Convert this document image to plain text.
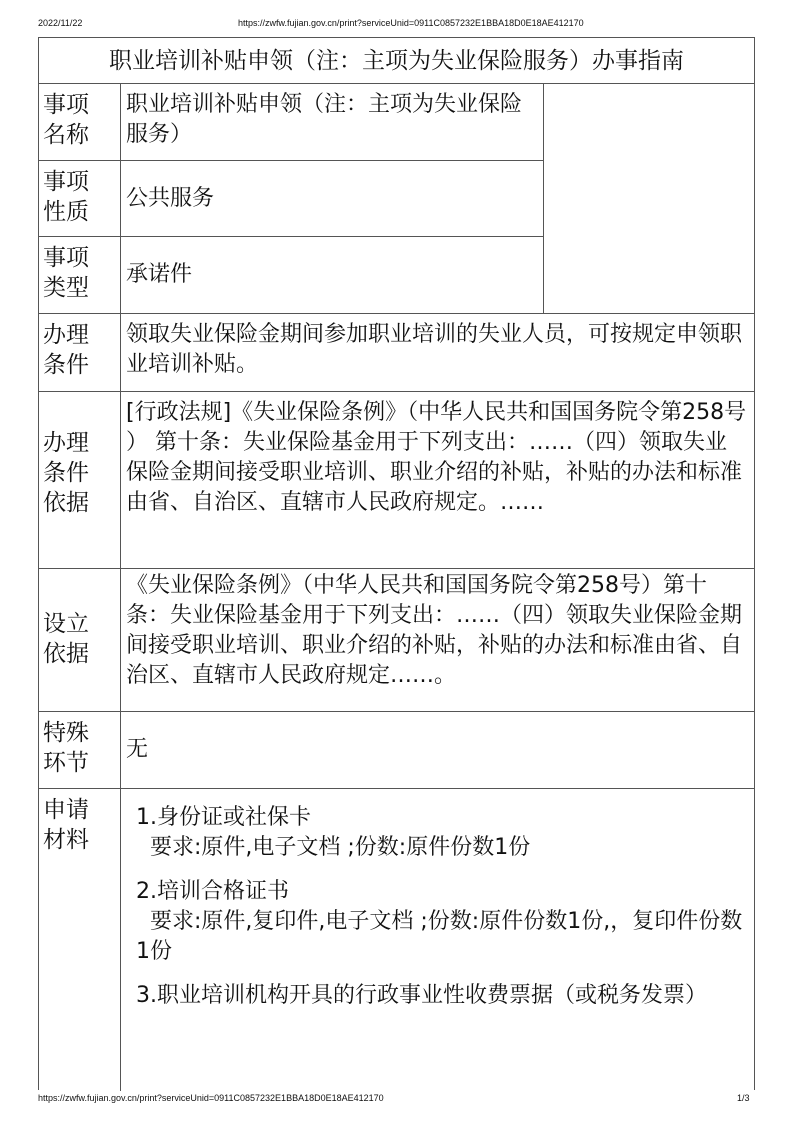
2022/11/22	https://zwfw.fujian.gov.cn/print?serviceUnid=0911C0857232E1BBA18D0E18AE412170
职业培训补贴申领（注：主项为失业保险服务）办事指南
事项名称
职业培训补贴申领（注：主项为失业保险服务）
事项性质
公共服务
事项类型
承诺件
办理条件
领取失业保险金期间参加职业培训的失业人员，可按规定申领职业培训补贴。
办理条件依据
[行政法规]《失业保险条例》（中华人民共和国国务院令第258号 ） 第十条：失业保险基金用于下列支出：……（四）领取失业保险金期间接受职业培训、职业介绍的补贴，补贴的办法和标准由省、自治区、直辖市人民政府规定。……
设立依据
《失业保险条例》（中华人民共和国国务院令第258号）第十条：失业保险基金用于下列支出：……（四）领取失业保险金期间接受职业培训、职业介绍的补贴，补贴的办法和标准由省、自治区、直辖市人民政府规定……。
特殊环节
无
申请材料
1.身份证或社保卡
要求:原件,电子文档 ;份数:原件份数1份
2.培训合格证书
要求:原件,复印件,电子文档 ;份数:原件份数1份,，复印件份数1份
3.职业培训机构开具的行政事业性收费票据（或税务发票）
https://zwfw.fujian.gov.cn/print?serviceUnid=0911C0857232E1BBA18D0E18AE412170	1/3
